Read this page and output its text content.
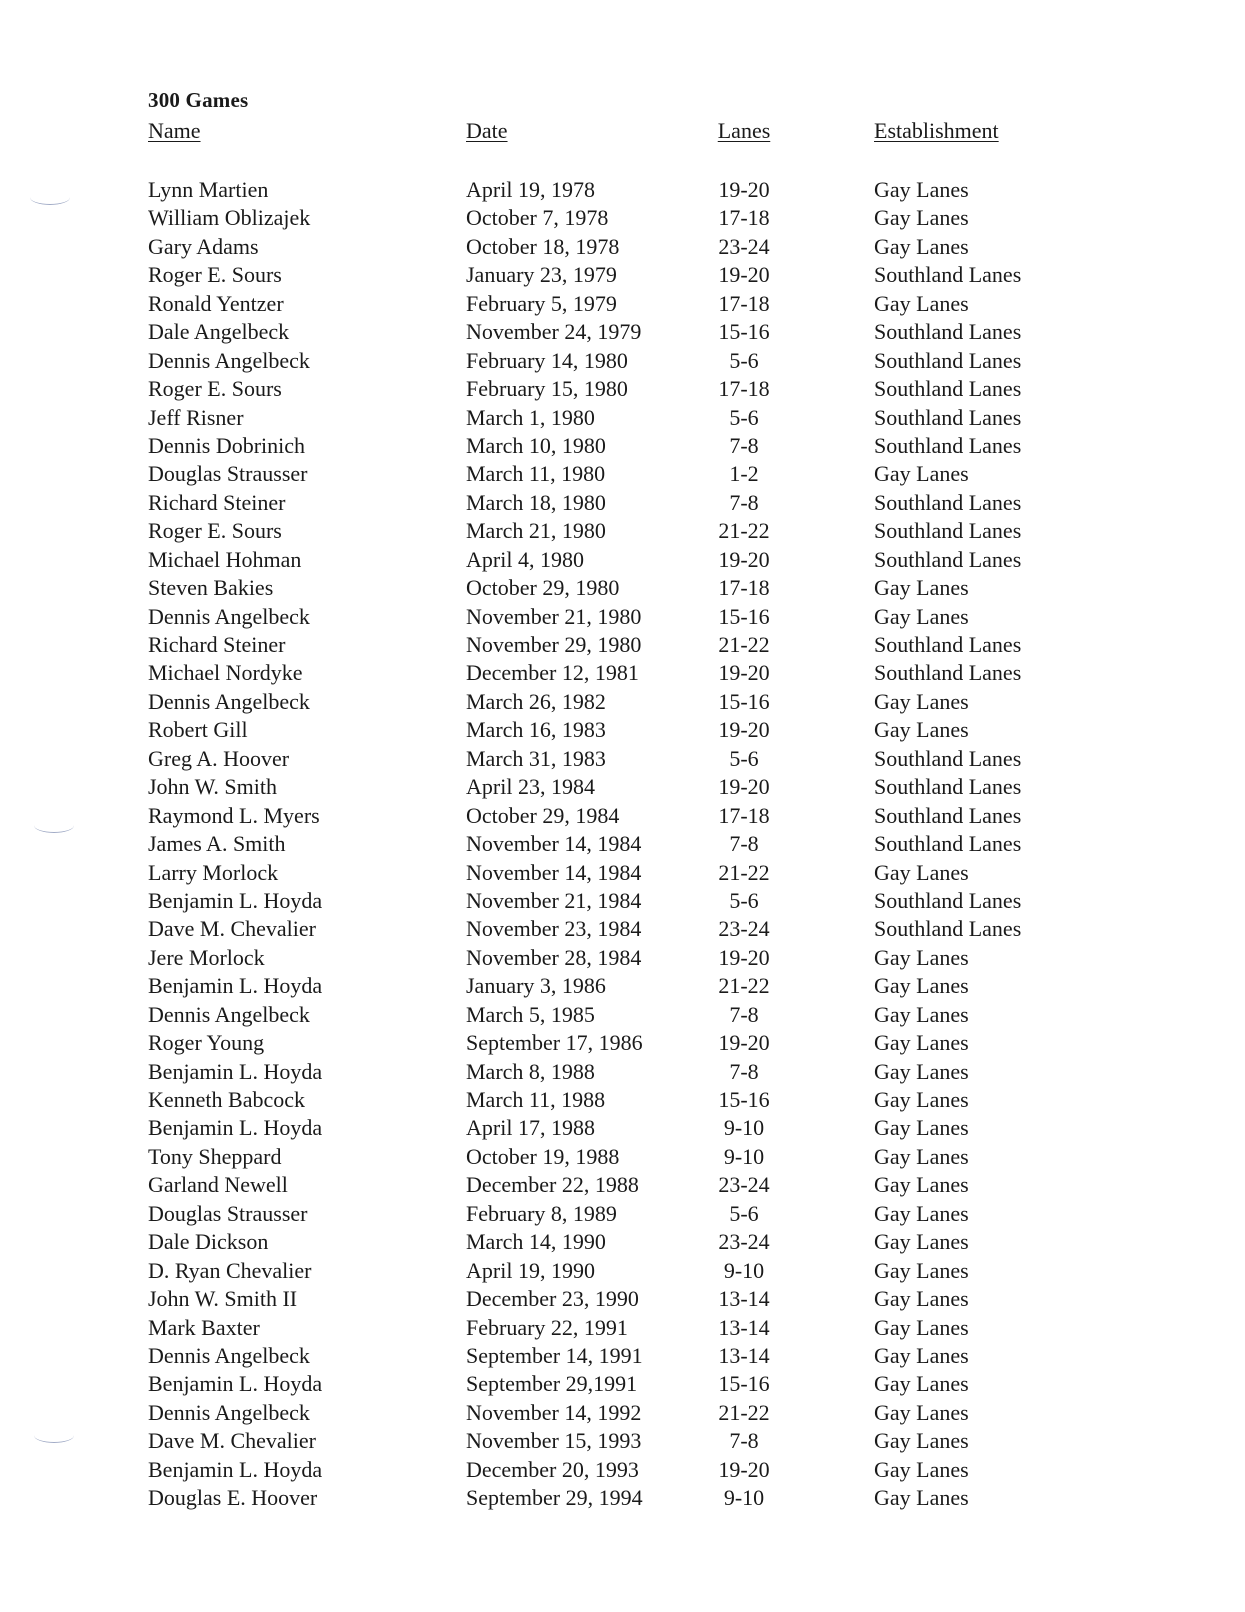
300 Games
Name	Date	Lanes	Establishment
Lynn Martien	April 19, 1978	19-20	Gay Lanes
William Oblizajek	October 7, 1978	17-18	Gay Lanes
Gary Adams	October 18, 1978	23-24	Gay Lanes
Roger E. Sours	January 23, 1979	19-20	Southland Lanes
Ronald Yentzer	February 5, 1979	17-18	Gay Lanes
Dale Angelbeck	November 24, 1979	15-16	Southland Lanes
Dennis Angelbeck	February 14, 1980	5-6	Southland Lanes
Roger E. Sours	February 15, 1980	17-18	Southland Lanes
Jeff Risner	March 1, 1980	5-6	Southland Lanes
Dennis Dobrinich	March 10, 1980	7-8	Southland Lanes
Douglas Strausser	March 11, 1980	1-2	Gay Lanes
Richard Steiner	March 18, 1980	7-8	Southland Lanes
Roger E. Sours	March 21, 1980	21-22	Southland Lanes
Michael Hohman	April 4, 1980	19-20	Southland Lanes
Steven Bakies	October 29, 1980	17-18	Gay Lanes
Dennis Angelbeck	November 21, 1980	15-16	Gay Lanes
Richard Steiner	November 29, 1980	21-22	Southland Lanes
Michael Nordyke	December 12, 1981	19-20	Southland Lanes
Dennis Angelbeck	March 26, 1982	15-16	Gay Lanes
Robert Gill	March 16, 1983	19-20	Gay Lanes
Greg A. Hoover	March 31, 1983	5-6	Southland Lanes
John W. Smith	April 23, 1984	19-20	Southland Lanes
Raymond L. Myers	October 29, 1984	17-18	Southland Lanes
James A. Smith	November 14, 1984	7-8	Southland Lanes
Larry Morlock	November 14, 1984	21-22	Gay Lanes
Benjamin L. Hoyda	November 21, 1984	5-6	Southland Lanes
Dave M. Chevalier	November 23, 1984	23-24	Southland Lanes
Jere Morlock	November 28, 1984	19-20	Gay Lanes
Benjamin L. Hoyda	January 3, 1986	21-22	Gay Lanes
Dennis Angelbeck	March 5, 1985	7-8	Gay Lanes
Roger Young	September 17, 1986	19-20	Gay Lanes
Benjamin L. Hoyda	March 8, 1988	7-8	Gay Lanes
Kenneth Babcock	March 11, 1988	15-16	Gay Lanes
Benjamin L. Hoyda	April 17, 1988	9-10	Gay Lanes
Tony Sheppard	October 19, 1988	9-10	Gay Lanes
Garland Newell	December 22, 1988	23-24	Gay Lanes
Douglas Strausser	February 8, 1989	5-6	Gay Lanes
Dale Dickson	March 14, 1990	23-24	Gay Lanes
D. Ryan Chevalier	April 19, 1990	9-10	Gay Lanes
John W. Smith II	December 23, 1990	13-14	Gay Lanes
Mark Baxter	February 22, 1991	13-14	Gay Lanes
Dennis Angelbeck	September 14, 1991	13-14	Gay Lanes
Benjamin L. Hoyda	September 29,1991	15-16	Gay Lanes
Dennis Angelbeck	November 14, 1992	21-22	Gay Lanes
Dave M. Chevalier	November 15, 1993	7-8	Gay Lanes
Benjamin L. Hoyda	December 20, 1993	19-20	Gay Lanes
Douglas E. Hoover	September 29, 1994	9-10	Gay Lanes
